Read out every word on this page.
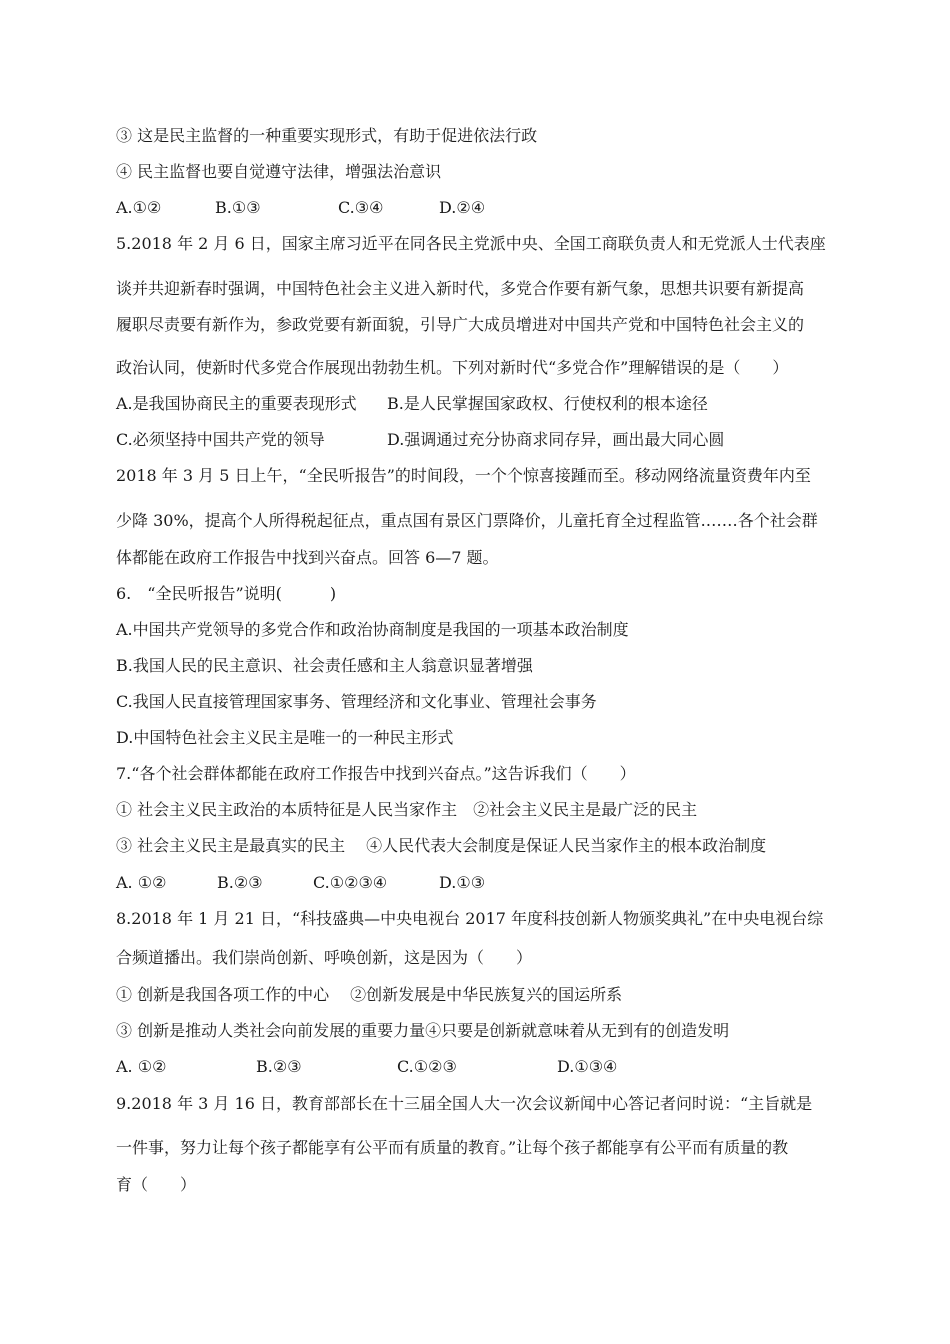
③ 这是民主监督的一种重要实现形式，有助于促进依法行政
④ 民主监督也要自觉遵守法律，增强法治意识
A.①②	B.①③	C.③④	D.②④
5.2018 年 2 月 6 日，国家主席习近平在同各民主党派中央、全国工商联负责人和无党派人士代表座
谈并共迎新春时强调，中国特色社会主义进入新时代，多党合作要有新气象，思想共识要有新提高
履职尽责要有新作为，参政党要有新面貌，引导广大成员增进对中国共产党和中国特色社会主义的
政治认同，使新时代多党合作展现出勃勃生机。下列对新时代“多党合作”理解错误的是（　　）
A.是我国协商民主的重要表现形式 B.是人民掌握国家政权、行使权利的根本途径
C.必须坚持中国共产党的领导	D.强调通过充分协商求同存异，画出最大同心圆
2018 年 3 月 5 日上午，“全民听报告”的时间段，一个个惊喜接踵而至。移动网络流量资费年内至
少降 30%，提高个人所得税起征点，重点国有景区门票降价，儿童托育全过程监管.……各个社会群
体都能在政府工作报告中找到兴奋点。回答 6—7 题。
6.　“全民听报告”说明(　　　)
A.中国共产党领导的多党合作和政治协商制度是我国的一项基本政治制度
B.我国人民的民主意识、社会责任感和主人翁意识显著增强
C.我国人民直接管理国家事务、管理经济和文化事业、管理社会事务
D.中国特色社会主义民主是唯一的一种民主形式
7.“各个社会群体都能在政府工作报告中找到兴奋点。”这告诉我们（　　）
① 社会主义民主政治的本质特征是人民当家作主　②社会主义民主是最广泛的民主
③ 社会主义民主是最真实的民主　 ④人民代表大会制度是保证人民当家作主的根本政治制度
A. ①②	B.②③	C.①②③④	D.①③
8.2018 年 1 月 21 日，“科技盛典—中央电视台 2017 年度科技创新人物颁奖典礼”在中央电视台综
合频道播出。我们崇尚创新、呼唤创新，这是因为（　　）
① 创新是我国各项工作的中心　 ②创新发展是中华民族复兴的国运所系
③ 创新是推动人类社会向前发展的重要力量④只要是创新就意味着从无到有的创造发明
A. ①②	B.②③	C.①②③	D.①③④
9.2018 年 3 月 16 日，教育部部长在十三届全国人大一次会议新闻中心答记者问时说：“主旨就是
一件事，努力让每个孩子都能享有公平而有质量的教育。”让每个孩子都能享有公平而有质量的教
育（　　）
